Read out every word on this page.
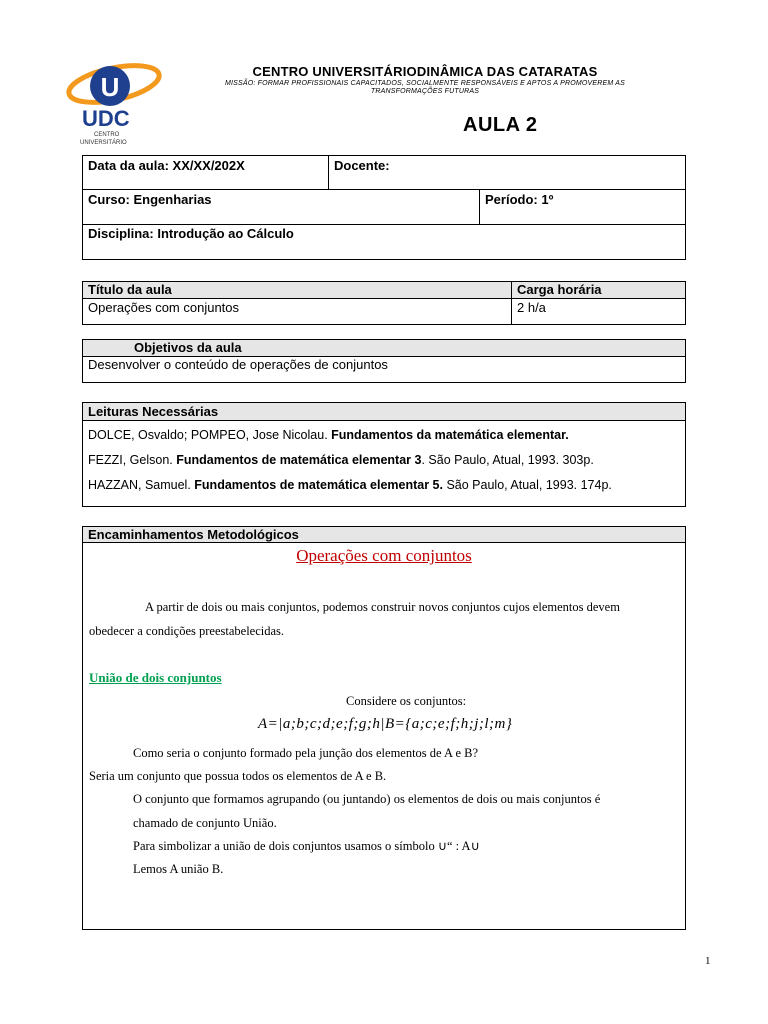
U
UDC
CENTRO
UNIVERSITÁRIO
CENTRO UNIVERSITÁRIODINÂMICA DAS CATARATAS
MISSÃO: FORMAR PROFISSIONAIS CAPACITADOS, SOCIALMENTE RESPONSÁVEIS E APTOS A PROMOVEREM AS
TRANSFORMAÇÕES FUTURAS
AULA 2
Data da aula: XX/XX/202X	Docente:
Curso: Engenharias	Período: 1º
Disciplina: Introdução ao Cálculo
Título da aula	Carga horária
Operações com conjuntos	2 h/a
Objetivos da aula
Desenvolver o conteúdo de operações de conjuntos
Leituras Necessárias
DOLCE, Osvaldo; POMPEO, Jose Nicolau. Fundamentos da matemática elementar.
FEZZI, Gelson. Fundamentos de matemática elementar 3. São Paulo, Atual, 1993. 303p.
HAZZAN, Samuel. Fundamentos de matemática elementar 5. São Paulo, Atual, 1993. 174p.
Encaminhamentos Metodológicos
Operações com conjuntos
A partir de dois ou mais conjuntos, podemos construir novos conjuntos cujos elementos devem
obedecer a condições preestabelecidas.
União de dois conjuntos
Considere os conjuntos:
A=|a;b;c;d;e;f;g;h|B={a;c;e;f;h;j;l;m}
Como seria o conjunto formado pela junção dos elementos de A e B?
Seria um conjunto que possua todos os elementos de A e B.
O conjunto que formamos agrupando (ou juntando) os elementos de dois ou mais conjuntos é
chamado de conjunto União.
Para simbolizar a união de dois conjuntos usamos o símbolo ∪“ : A∪
Lemos A união B.
1
